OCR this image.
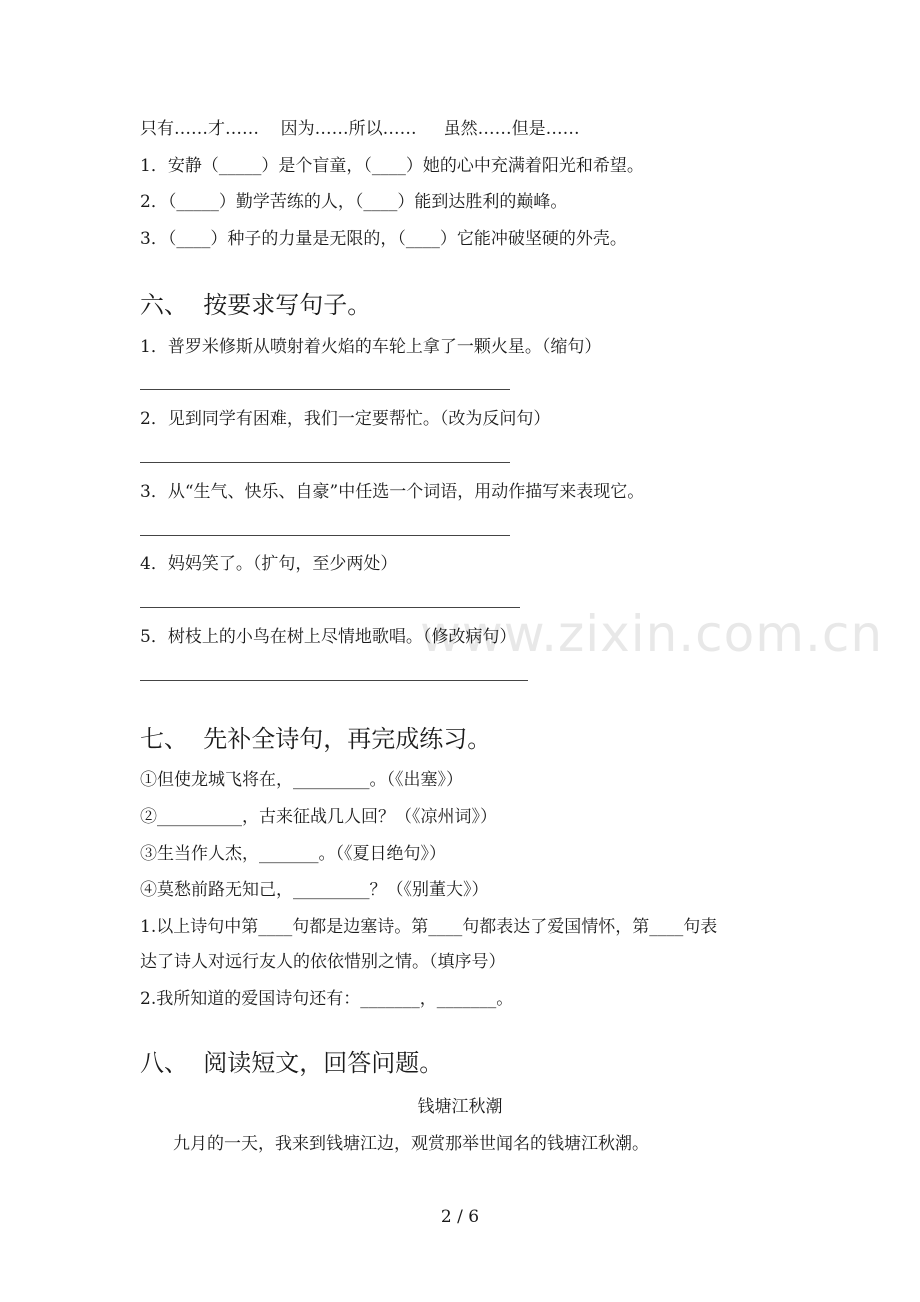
www.zixin.com.cn
只有……才……    因为……所以……     虽然……但是……
1．安静（_____）是个盲童，（____）她的心中充满着阳光和希望。
2．（_____）勤学苦练的人，（____）能到达胜利的巅峰。
3．（____）种子的力量是无限的，（____）它能冲破坚硬的外壳。
六、  按要求写句子。
1．普罗米修斯从喷射着火焰的车轮上拿了一颗火星。（缩句）
2．见到同学有困难，我们一定要帮忙。（改为反问句）
3．从“生气、快乐、自豪”中任选一个词语，用动作描写来表现它。
4．妈妈笑了。（扩句，至少两处）
5．树枝上的小鸟在树上尽情地歌唱。（修改病句）
七、  先补全诗句，再完成练习。
①但使龙城飞将在，_________。（《出塞》）
②__________，古来征战几人回？（《凉州词》）
③生当作人杰，_______。（《夏日绝句》）
④莫愁前路无知己，_________？（《别董大》）
1.以上诗句中第____句都是边塞诗。第____句都表达了爱国情怀，第____句表
达了诗人对远行友人的依依惜别之情。（填序号）
2.我所知道的爱国诗句还有：_______，_______。
八、  阅读短文，回答问题。
钱塘江秋潮
九月的一天，我来到钱塘江边，观赏那举世闻名的钱塘江秋潮。
2 / 6
